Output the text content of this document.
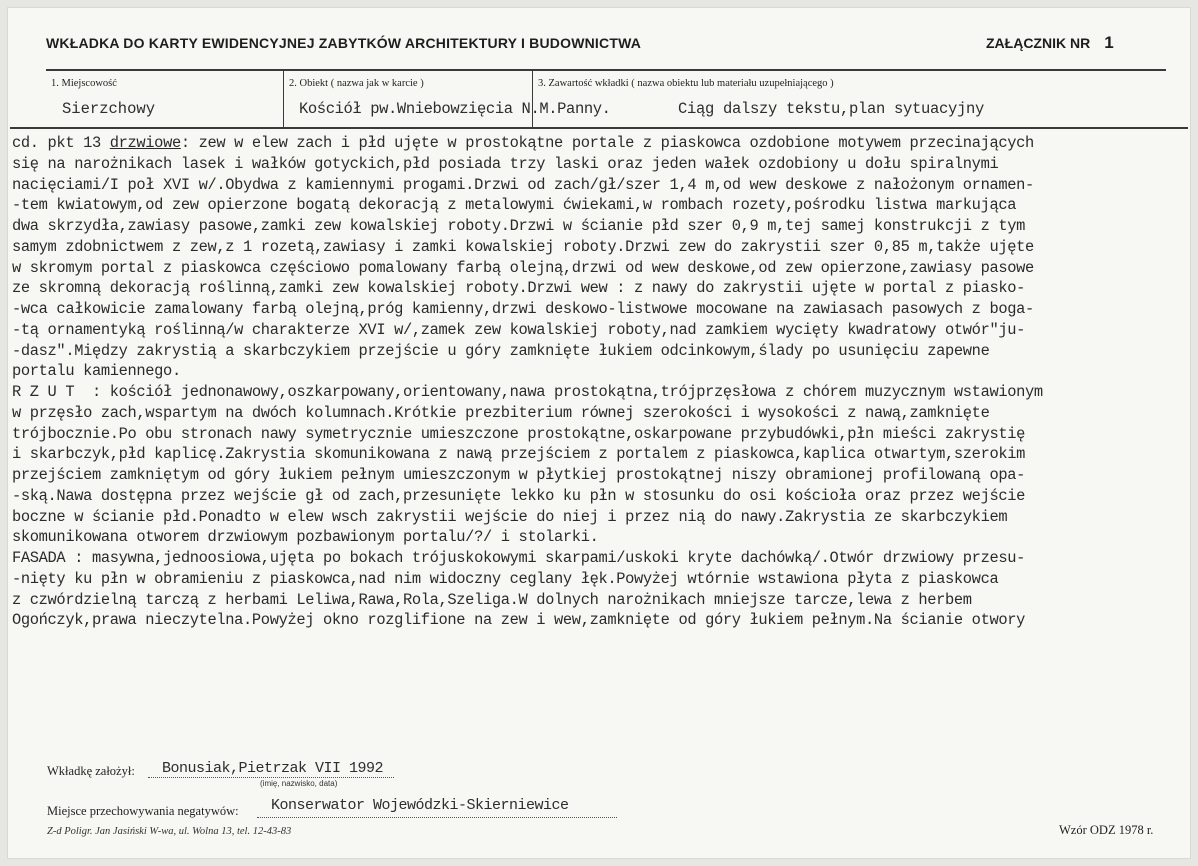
WKŁADKA DO KARTY EWIDENCYJNEJ ZABYTKÓW ARCHITEKTURY I BUDOWNICTWA	ZAŁĄCZNIK NR 1
1. Miejscowość
Sierzchowy
2. Obiekt ( nazwa jak w karcie )
Kościół pw.Wniebowzięcia N.M.Panny.
3. Zawartość wkładki ( nazwa obiektu lub materiału uzupełniającego )
Ciąg dalszy tekstu,plan sytuacyjny
cd. pkt 13 drzwiowe: zew w elew zach i płd ujęte w prostokątne portale z piaskowca ozdobione motywem przecinających
się na narożnikach lasek i wałków gotyckich,płd posiada trzy laski oraz jeden wałek ozdobiony u dołu spiralnymi
nacięciami/I poł XVI w/.Obydwa z kamiennymi progami.Drzwi od zach/gł/szer 1,4 m,od wew deskowe z nałożonym ornamen-
-tem kwiatowym,od zew opierzone bogatą dekoracją z metalowymi ćwiekami,w rombach rozety,pośrodku listwa markująca
dwa skrzydła,zawiasy pasowe,zamki zew kowalskiej roboty.Drzwi w ścianie płd szer 0,9 m,tej samej konstrukcji z tym
samym zdobnictwem z zew,z 1 rozetą,zawiasy i zamki kowalskiej roboty.Drzwi zew do zakrystii szer 0,85 m,także ujęte
w skromym portal z piaskowca częściowo pomalowany farbą olejną,drzwi od wew deskowe,od zew opierzone,zawiasy pasowe
ze skromną dekoracją roślinną,zamki zew kowalskiej roboty.Drzwi wew : z nawy do zakrystii ujęte w portal z piasko-
-wca całkowicie zamalowany farbą olejną,próg kamienny,drzwi deskowo-listwowe mocowane na zawiasach pasowych z boga-
-tą ornamentyką roślinną/w charakterze XVI w/,zamek zew kowalskiej roboty,nad zamkiem wycięty kwadratowy otwór"ju-
-dasz".Między zakrystią a skarbczykiem przejście u góry zamknięte łukiem odcinkowym,ślady po usunięciu zapewne
portalu kamiennego.
R Z U T  : kościół jednonawowy,oszkarpowany,orientowany,nawa prostokątna,trójprzęsłowa z chórem muzycznym wstawionym
w przęsło zach,wspartym na dwóch kolumnach.Krótkie prezbiterium równej szerokości i wysokości z nawą,zamknięte
trójbocznie.Po obu stronach nawy symetrycznie umieszczone prostokątne,oskarpowane przybudówki,płn mieści zakrystię
i skarbczyk,płd kaplicę.Zakrystia skomunikowana z nawą przejściem z portalem z piaskowca,kaplica otwartym,szerokim
przejściem zamkniętym od góry łukiem pełnym umieszczonym w płytkiej prostokątnej niszy obramionej profilowaną opa-
-ską.Nawa dostępna przez wejście gł od zach,przesunięte lekko ku płn w stosunku do osi kościoła oraz przez wejście
boczne w ścianie płd.Ponadto w elew wsch zakrystii wejście do niej i przez nią do nawy.Zakrystia ze skarbczykiem
skomunikowana otworem drzwiowym pozbawionym portalu/?/ i stolarki.
FASADA : masywna,jednoosiowa,ujęta po bokach trójuskokowymi skarpami/uskoki kryte dachówką/.Otwór drzwiowy przesu-
-nięty ku płn w obramieniu z piaskowca,nad nim widoczny ceglany łęk.Powyżej wtórnie wstawiona płyta z piaskowca
z czwórdzielną tarczą z herbami Leliwa,Rawa,Rola,Szeliga.W dolnych narożnikach mniejsze tarcze,lewa z herbem
Ogończyk,prawa nieczytelna.Powyżej okno rozglifione na zew i wew,zamknięte od góry łukiem pełnym.Na ścianie otwory
Wkładkę założył: Bonusiak,Pietrzak VII 1992
(imię, nazwisko, data)
Miejsce przechowywania negatywów: Konserwator Wojewódzki-Skierniewice
Z-d Poligr. Jan Jasiński W-wa, ul. Wolna 13, tel. 12-43-83	Wzór ODZ 1978 r.
